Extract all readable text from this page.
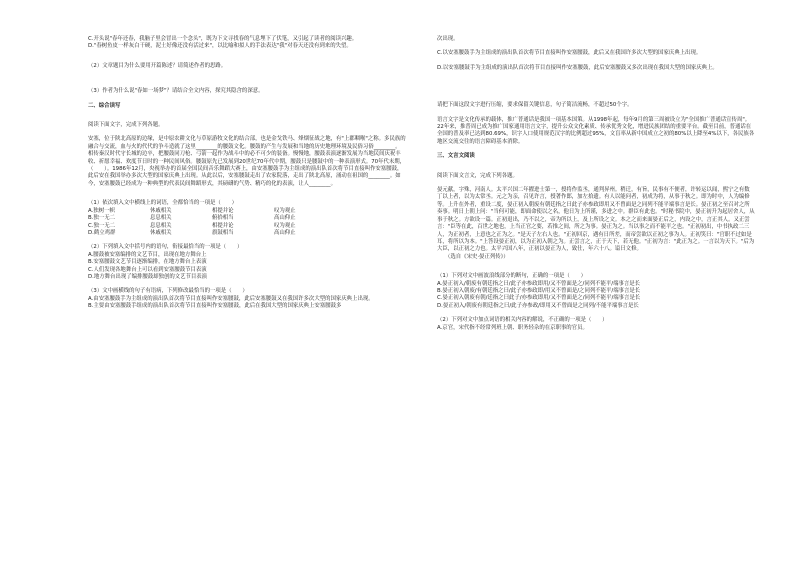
C.开头说"春年还春，我脑子里会冒出一个念头"，既为下文寻找春的气息埋下了伏笔，又引起了读者的阅读兴趣。

D."春树鱼皮一样灰白干硬，泥土好像还没有活过来"，以比喻和拟人的手法表达"我"对春天还没有到来的失望。

（2）文章题目为什么要用开篇陈述？请简述作者的思路。

（3）作者为什么说"春如一场梦"？请结合全文内容，探究其隐含的深意。

二、综合读写

阅读下面文字，完成下列各题。

安塞，位于陕北高原的边缘，是中原农耕文化与草原游牧文化的结合部，也是金戈铁马、烽烟征战之地，有"上郡咽喉"之称。多民族的融合与交流，血与火的代代的争斗造就了这里________的腰鼓文化。腰鼓的产生与发展和当地的历史地理环境及民俗习俗________。相传秦汉时代守长城的边卒，把腰鼓同刀枪、弓箭一起作为战斗中的必不可少的装备。慢慢地，腰鼓表演逐渐发展为当地民间庆祝丰收、祈愿幸福、欢度节日时的一种民间风俗。腰鼓原先已发展到20世纪70年代中期，腰鼓只是腰鼓中的一种表演形式。70年代末期，（　　）。1986年12月，央视举办的首届全国民间音乐舞蹈大赛上，由安塞腰鼓手为主组成的演出队首次将节目直接叫作安塞腰鼓，此后安在我国举办多次大型的国家庆典上出现。从此以后，安塞腰鼓走出了农家院落，走出了陕北高原，涌动在祖国的________。如今，安塞腰鼓已经成为一种典型的代表民间舞蹈形式，其磅礴的气势、精巧的化的表演，让人________。

（1）依次填入文中横线上的词语，全都恰当的一项是（　　）

A.独树一帜	休戚相关	相提并论	叹为观止

B.独一无二	息息相关	俯拾相当	高山仰止

C.独一无二	息息相关	相提并论	叹为观止

D.鹤立鸡群	休戚相关	旗鼓相当	高山仰止

（2）下列填入文中括号内的语句，衔接最恰当的一项是（　　）

A.腰鼓被安塞编排的文艺节目，出现在地方舞台上

B.安塞腰鼓文艺节目逐渐编排，在地方舞台上表演

C.人们发现各地舞台上可以看到安塞腰鼓节目表演

D.地方舞台出现了编排腰鼓却独创的文艺节目表演

（3）文中画横线的句子有语病，下列修改最恰当的一项是（　　）

A.由安塞腰鼓手为主组成的演出队首次将节目直接叫作安塞腰鼓，此后安塞腰鼓又在我国许多次大型的国家庆典上出现。

B.主要由安塞腰鼓手组成的演出队首次将节目直接叫作安塞腰鼓，此后在我国大型的国家庆典上安塞腰鼓多

次出现。

C.以安塞腰鼓手为主组成的演出队首次将节目直接叫作安塞腰鼓，此后又在我国许多次大型的国家庆典上出现。

D.以安塞腰鼓手为主组成的演出队首次将节目直接叫作安塞腰鼓，此后安塞腰鼓又多次出现在我国大型的国家庆典上。

请把下面这段文字进行压缩，要求保留关键信息，句子简洁流畅，不超过50个字。

语言文字是文化传承的载体，推广普通话是我国一项基本国策。从1998年起，每年9月的第三周被设立为"全国推广普通话宣传周"。22年来，推普周已成为推广国家通用语言文字，提升公众文化素质、传承优秀文化，增进民族团结的重要平台。截至目前，普通话在全国的普及率已达到80.69%，识字人口使用规范汉字的比例超过95%，文盲率从新中国成立之初的80%以上降至4%以下，各民族各地区交流交往的语言障碍基本消除。

三、文言文阅读

阅读下面文言文，完成下列各题。

晏元献，字殊，河南人。太平兴国二年擢进士第一，授将作监丞，通判昇州。稍迁，有旨，民事有不便者，许转运以闻，熙宁之有数丁以上者，以为太常丞。元之为亲，召见许言，授著作郎，加左拾遗。有人以能问者，初成为将，从事于秋之。即为时中，人为编修等。上升在外者，重设二度，晏正初入朝废有朝廷指之曰此子亦参政即用又不曾面是之同列不能平端事言是长。晏正初之至召对之所奏事。明日上朝上问："当何可能，即面命使以之名，他日为上所谨，多进之中。群臣有此也。"时秘书院中，晏正初升为起居舍人，从事于秋之。方欲设一篇。正初退出，乃不以之，帝为所以上，及上所设之文。本之之而来面晏正后之，内设之中，言正其人。又正尝言："臣等在此，百世之地也，上当正官之要，若推之间，所之为事。晏正为之。当以事之而不能平之也。"正初初出，中书执政二三人，为正初者，上意也之正为之。"是天子左右人也。"正初回京，遇有日所差，而帝尝欲以正初之事为人。正初笑曰："官职不过如是耳，将所以为本。"上答设晏正初，以为正初入朝之为。正尝言之，正于天下，若无他。"正初为言："此正为之。一言以为天下。"后为大臣，以正初之力也。太平兴国八年，正初以晏正为人，致仕，年六十八。谥曰文修。

（选自《宋史·晏正列传》）

（1）下列对文中画波浪线部分的断句，正确的一项是（　　）

A.晏正初入/朝废有朝廷指之曰/此子亦参政即用/又不曾面是之/同列不能平/端事言是长

B.晏正初入朝废/有朝廷指之曰/此子亦参政即/用又不曾面是/之同列不能平/端事言是长

C.晏正初入朝废有朝/廷指之曰此子/亦参政即用/又不曾面是之/同列不能平/端事言是长

D.晏正初入/朝废有朝廷指之曰/此子亦参政/即用又不曾面是之同列/不能平端事言是长

（2）下列对文中加点词语的相关内容的解说，不正确的一项是（　　）

A.京官，宋代指不经常列班上朝、职务轻杂的在京职事的官员。
